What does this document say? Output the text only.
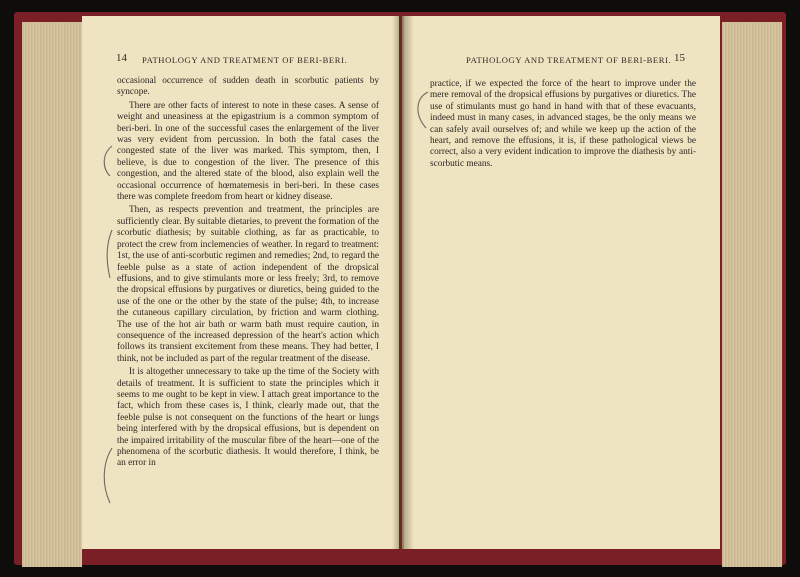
14 PATHOLOGY AND TREATMENT OF BERI-BERI.

occasional occurrence of sudden death in scorbutic patients by syncope.

There are other facts of interest to note in these cases. A sense of weight and uneasiness at the epigastrium is a common symptom of beri-beri. In one of the successful cases the enlargement of the liver was very evident from percussion. In both the fatal cases the congested state of the liver was marked. This symptom, then, I believe, is due to congestion of the liver. The presence of this congestion, and the altered state of the blood, also explain well the occasional occurrence of hœmatemesis in beri-beri. In these cases there was complete freedom from heart or kidney disease.

Then, as respects prevention and treatment, the principles are sufficiently clear. By suitable dietaries, to prevent the formation of the scorbutic diathesis; by suitable clothing, as far as practicable, to protect the crew from inclemencies of weather. In regard to treatment: 1st, the use of anti-scorbutic regimen and remedies; 2nd, to regard the feeble pulse as a state of action independent of the dropsical effusions, and to give stimulants more or less freely; 3rd, to remove the dropsical effusions by purgatives or diuretics, being guided to the use of the one or the other by the state of the pulse; 4th, to increase the cutaneous capillary circulation, by friction and warm clothing. The use of the hot air bath or warm bath must require caution, in consequence of the increased depression of the heart's action which follows its transient excitement from these means. They had better, I think, not be included as part of the regular treatment of the disease.

It is altogether unnecessary to take up the time of the Society with details of treatment. It is sufficient to state the principles which it seems to me ought to be kept in view. I attach great importance to the fact, which from these cases is, I think, clearly made out, that the feeble pulse is not consequent on the functions of the heart or lungs being interfered with by the dropsical effusions, but is dependent on the impaired irritability of the muscular fibre of the heart—one of the phenomena of the scorbutic diathesis. It would therefore, I think, be an error in

PATHOLOGY AND TREATMENT OF BERI-BERI. 15

practice, if we expected the force of the heart to improve under the mere removal of the dropsical effusions by purgatives or diuretics. The use of stimulants must go hand in hand with that of these evacuants, indeed must in many cases, in advanced stages, be the only means we can safely avail ourselves of; and while we keep up the action of the heart, and remove the effusions, it is, if these pathological views be correct, also a very evident indication to improve the diathesis by anti-scorbutic means.
